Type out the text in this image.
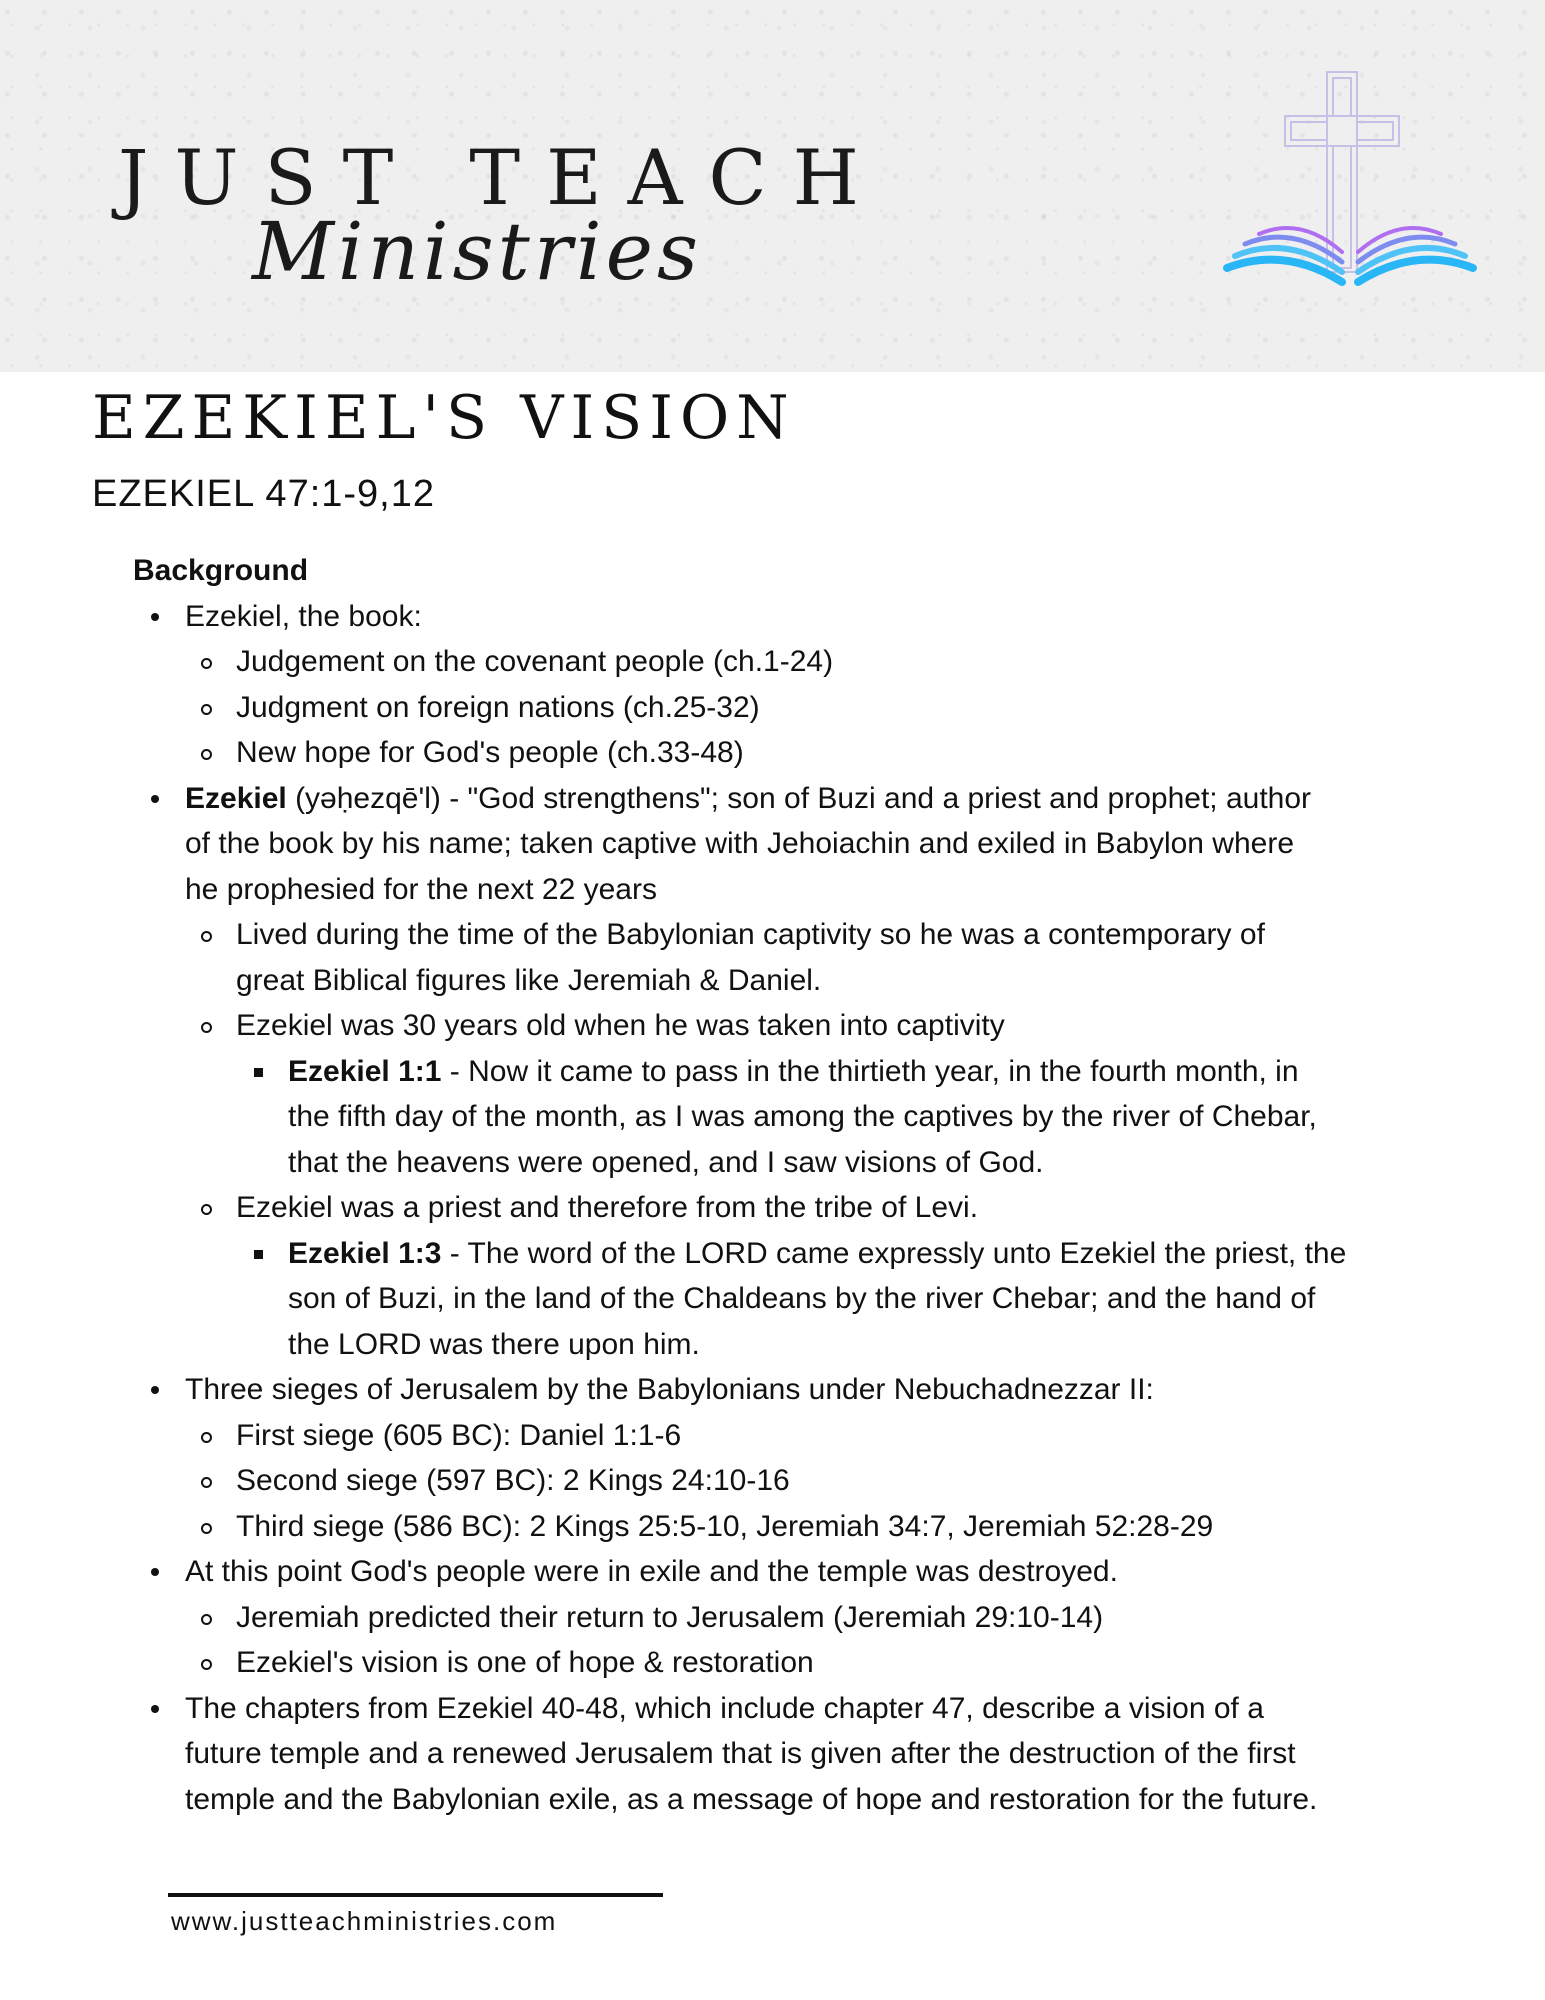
JUST TEACH
Ministries
EZEKIEL'S VISION
EZEKIEL 47:1-9,12
Background
Ezekiel, the book:
Judgement on the covenant people (ch.1-24)
Judgment on foreign nations (ch.25-32)
New hope for God's people (ch.33-48)
Ezekiel (yəḥezqē'l) - "God strengthens"; son of Buzi and a priest and prophet; author
of the book by his name; taken captive with Jehoiachin and exiled in Babylon where
he prophesied for the next 22 years
Lived during the time of the Babylonian captivity so he was a contemporary of
great Biblical figures like Jeremiah & Daniel.
Ezekiel was 30 years old when he was taken into captivity
Ezekiel 1:1 - Now it came to pass in the thirtieth year, in the fourth month, in
the fifth day of the month, as I was among the captives by the river of Chebar,
that the heavens were opened, and I saw visions of God.
Ezekiel was a priest and therefore from the tribe of Levi.
Ezekiel 1:3 - The word of the LORD came expressly unto Ezekiel the priest, the
son of Buzi, in the land of the Chaldeans by the river Chebar; and the hand of
the LORD was there upon him.
Three sieges of Jerusalem by the Babylonians under Nebuchadnezzar II:
First siege (605 BC): Daniel 1:1-6
Second siege (597 BC): 2 Kings 24:10-16
Third siege (586 BC): 2 Kings 25:5-10, Jeremiah 34:7, Jeremiah 52:28-29
At this point God's people were in exile and the temple was destroyed.
Jeremiah predicted their return to Jerusalem (Jeremiah 29:10-14)
Ezekiel's vision is one of hope & restoration
The chapters from Ezekiel 40-48, which include chapter 47, describe a vision of a
future temple and a renewed Jerusalem that is given after the destruction of the first
temple and the Babylonian exile, as a message of hope and restoration for the future.
www.justteachministries.com
